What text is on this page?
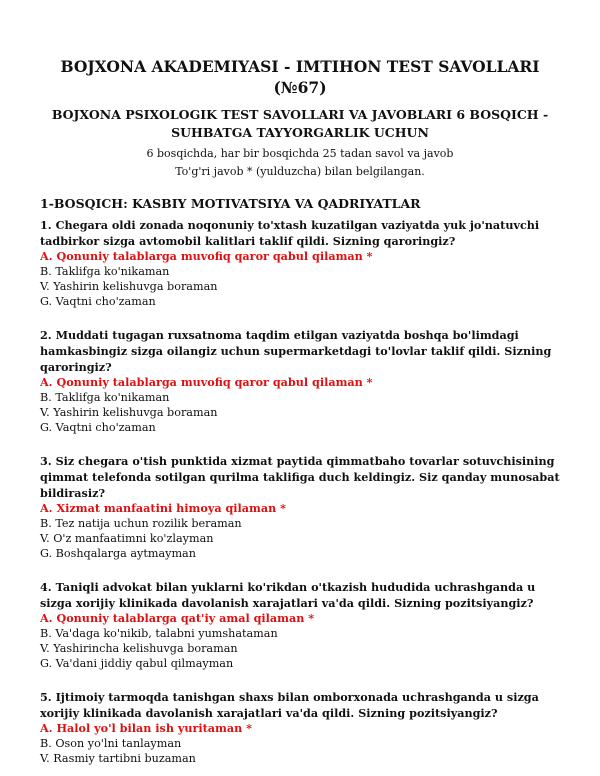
BOJXONA AKADEMIYASI - IMTIHON TEST SAVOLLARI (№67)
BOJXONA PSIXOLOGIK TEST SAVOLLARI VA JAVOBLARI 6 BOSQICH - SUHBATGA TAYYORGARLIK UCHUN

6 bosqichda, har bir bosqichda 25 tadan savol va javob

To'g'ri javob * (yulduzcha) bilan belgilangan.

1-BOSQICH: KASBIY MOTIVATSIYA VA QADRIYATLAR

1. Chegara oldi zonada noqonuniy to'xtash kuzatilgan vaziyatda yuk jo'natuvchi tadbirkor sizga avtomobil kalitlari taklif qildi. Sizning qaroringiz?

A. Qonuniy talablarga muvofiq qaror qabul qilaman *

B. Taklifga ko'nikaman

V. Yashirin kelishuvga boraman

G. Vaqtni cho'zaman

2. Muddati tugagan ruxsatnoma taqdim etilgan vaziyatda boshqa bo'limdagi hamkasbingiz sizga oilangiz uchun supermarketdagi to'lovlar taklif qildi. Sizning qaroringiz?

A. Qonuniy talablarga muvofiq qaror qabul qilaman *

B. Taklifga ko'nikaman

V. Yashirin kelishuvga boraman

G. Vaqtni cho'zaman

3. Siz chegara o'tish punktida xizmat paytida qimmatbaho tovarlar sotuvchisining qimmat telefonda sotilgan qurilma taklifiga duch keldingiz. Siz qanday munosabat bildirasiz?

A. Xizmat manfaatini himoya qilaman *

B. Tez natija uchun rozilik beraman

V. O'z manfaatimni ko'zlayman

G. Boshqalarga aytmayman

4. Taniqli advokat bilan yuklarni ko'rikdan o'tkazish hududida uchrashganda u sizga xorijiy klinikada davolanish xarajatlari va'da qildi. Sizning pozitsiyangiz?

A. Qonuniy talablarga qat'iy amal qilaman *

B. Va'daga ko'nikib, talabni yumshataman

V. Yashirincha kelishuvga boraman

G. Va'dani jiddiy qabul qilmayman

5. Ijtimoiy tarmoqda tanishgan shaxs bilan omborxonada uchrashganda u sizga xorijiy klinikada davolanish xarajatlari va'da qildi. Sizning pozitsiyangiz?

A. Halol yo'l bilan ish yuritaman *

B. Oson yo'lni tanlayman

V. Rasmiy tartibni buzaman
